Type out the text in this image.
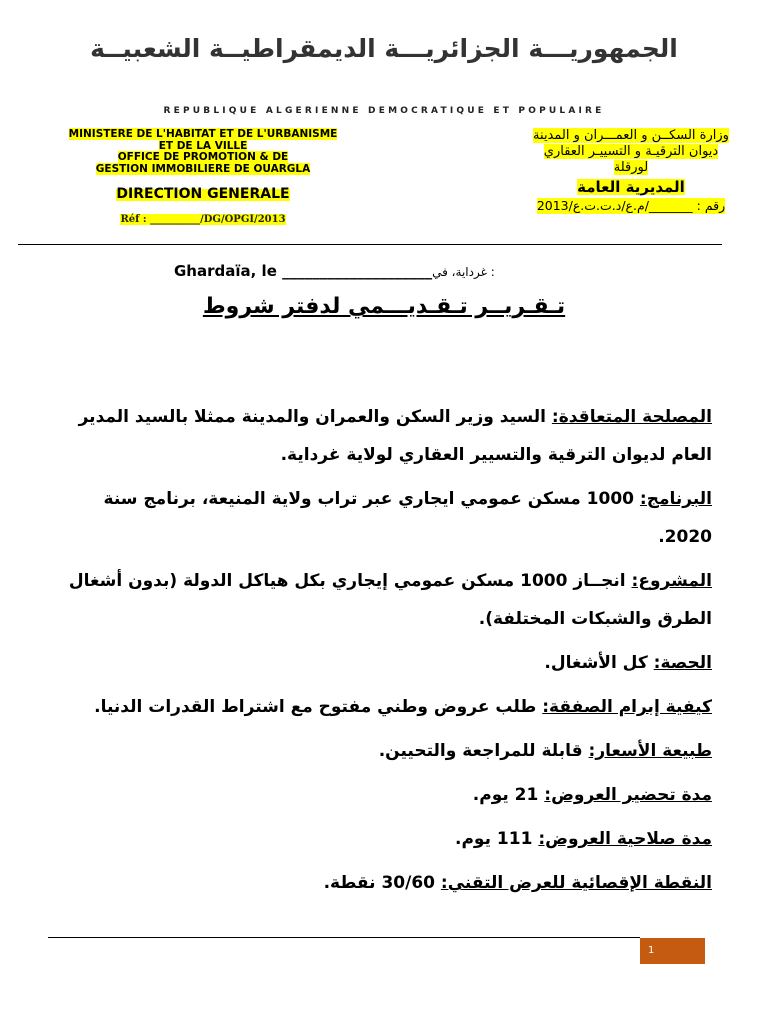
الجمهوريـــة الجزائريـــة الديمقراطيــة الشعبيــة
REPUBLIQUE ALGERIENNE DEMOCRATIQUE ET POPULAIRE
MINISTERE DE L'HABITAT ET DE L'URBANISME
ET DE LA VILLE
OFFICE DE PROMOTION & DE
GESTION IMMOBILIERE DE OUARGLA
DIRECTION GENERALE
Réf : __________/DG/OPGI/2013
وزارة السكــن و العمـــران و المدينة
ديوان الترقيـة و التسييـر العقاري
لورقلة
المديرية العامة
رقم : _______/م.ع/د.ت.ت.ع/2013
Ghardaïa, le ____________________غرداية، في :
تـقـريــر تـقـديـــمي لدفتر شروط

المصلحة المتعاقدة: السيد وزير السكن والعمران والمدينة ممثلا بالسيد المدير العام لديوان الترقية والتسيير العقاري لولاية غرداية.

البرنامج: 1000 مسكن عمومي ايجاري عبر تراب ولاية المنيعة، برنامج سنة 2020.

المشروع: انجــاز 1000 مسكن عمومي إيجاري بكل هياكل الدولة (بدون أشغال الطرق والشبكات المختلفة).

الحصة: كل الأشغال.

كيفية إبرام الصفقة: طلب عروض وطني مفتوح مع اشتراط القدرات الدنيا.

طبيعة الأسعار: قابلة للمراجعة والتحيين.

مدة تحضير العروض: 21 يوم.

مدة صلاحية العروض: 111 يوم.

النقطة الإقصائية للعرض التقني: 30/60 نقطة.

1
